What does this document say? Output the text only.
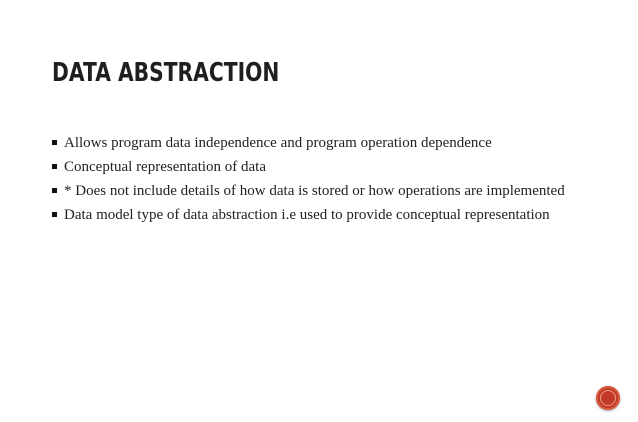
DATA ABSTRACTION
Allows program data independence and program operation dependence
Conceptual representation of data
* Does not include details of how data is stored or how operations are implemented
Data model type of data abstraction i.e used to provide conceptual representation
